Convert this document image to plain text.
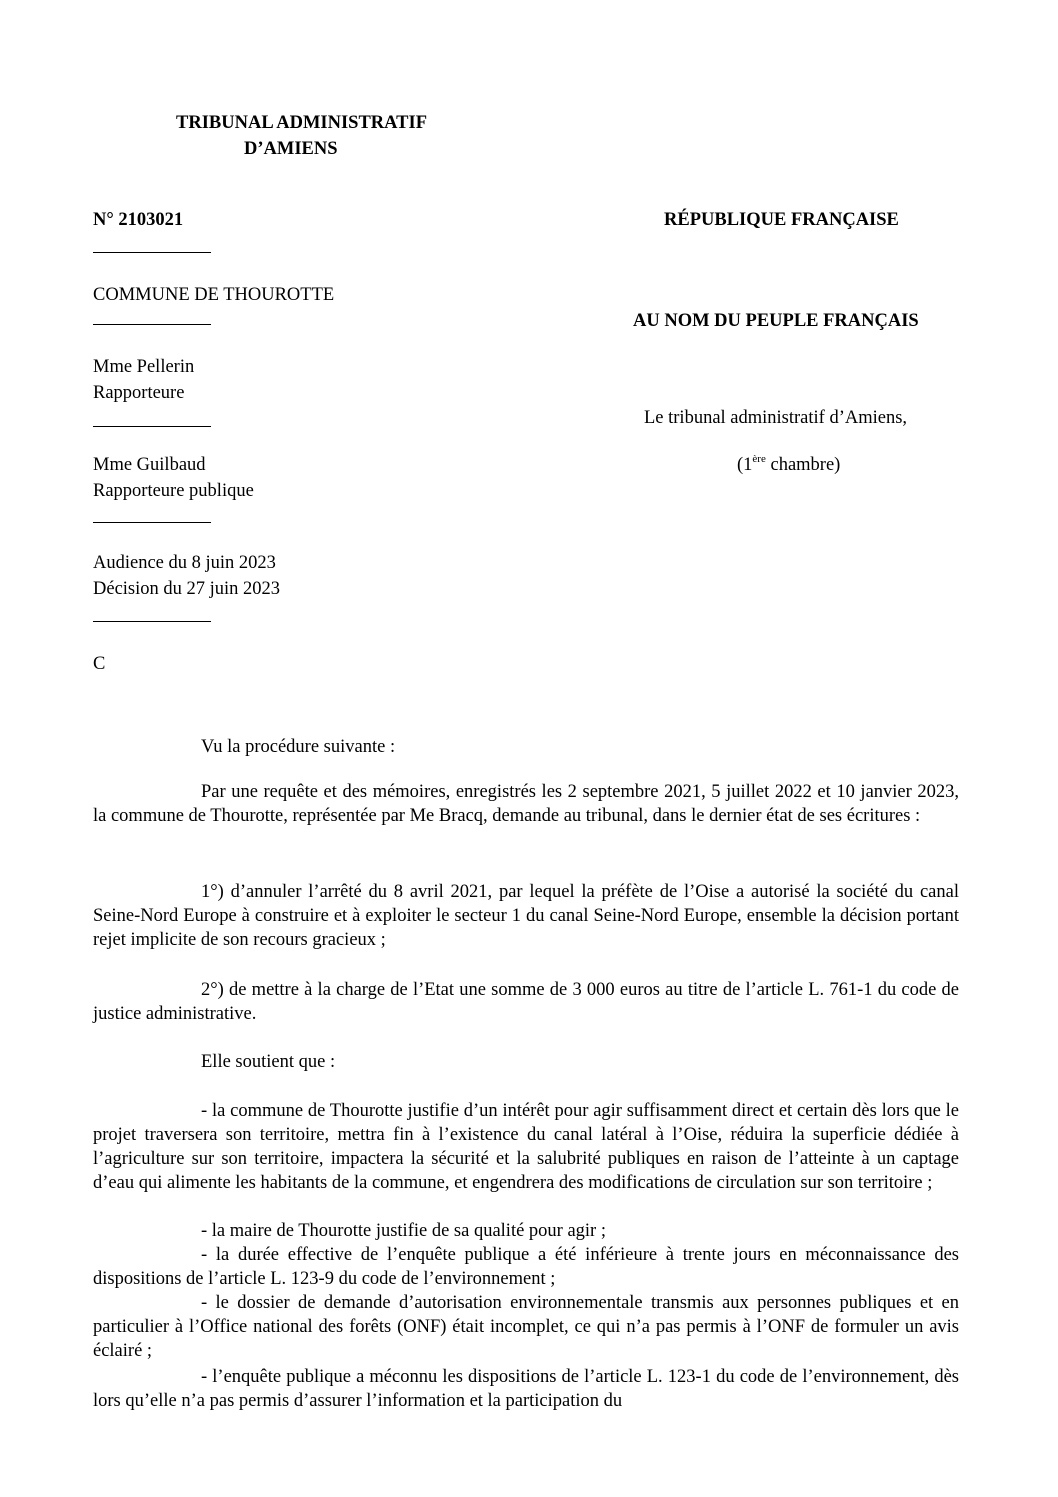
TRIBUNAL ADMINISTRATIF
D’AMIENS
N° 2103021	RÉPUBLIQUE FRANÇAISE
COMMUNE DE THOUROTTE
AU NOM DU PEUPLE FRANÇAIS
Mme Pellerin
Rapporteure
Le tribunal administratif d’Amiens,
Mme Guilbaud	(1ère chambre)
Rapporteure publique
Audience du 8 juin 2023
Décision du 27 juin 2023
C
Vu la procédure suivante :
Par une requête et des mémoires, enregistrés les 2 septembre 2021, 5 juillet 2022 et 10 janvier 2023, la commune de Thourotte, représentée par Me Bracq, demande au tribunal, dans le dernier état de ses écritures :
1°) d’annuler l’arrêté du 8 avril 2021, par lequel la préfète de l’Oise a autorisé la société du canal Seine-Nord Europe à construire et à exploiter le secteur 1 du canal Seine-Nord Europe, ensemble la décision portant rejet implicite de son recours gracieux ;
2°) de mettre à la charge de l’Etat une somme de 3 000 euros au titre de l’article L. 761-1 du code de justice administrative.
Elle soutient que :
- la commune de Thourotte justifie d’un intérêt pour agir suffisamment direct et certain dès lors que le projet traversera son territoire, mettra fin à l’existence du canal latéral à l’Oise, réduira la superficie dédiée à l’agriculture sur son territoire, impactera la sécurité et la salubrité publiques en raison de l’atteinte à un captage d’eau qui alimente les habitants de la commune, et engendrera des modifications de circulation sur son territoire ;
- la maire de Thourotte justifie de sa qualité pour agir ;
- la durée effective de l’enquête publique a été inférieure à trente jours en méconnaissance des dispositions de l’article L. 123-9 du code de l’environnement ;
- le dossier de demande d’autorisation environnementale transmis aux personnes publiques et en particulier à l’Office national des forêts (ONF) était incomplet, ce qui n’a pas permis à l’ONF de formuler un avis éclairé ;
- l’enquête publique a méconnu les dispositions de l’article L. 123-1 du code de l’environnement, dès lors qu’elle n’a pas permis d’assurer l’information et la participation du
